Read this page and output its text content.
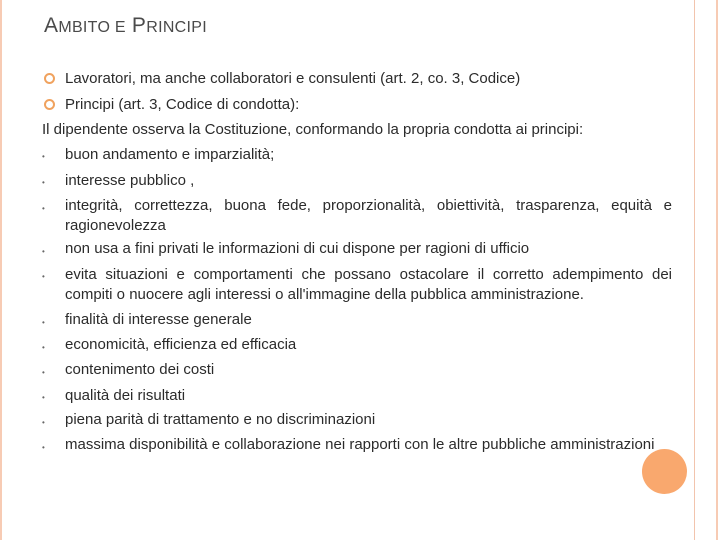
AMBITO E PRINCIPI
Lavoratori, ma anche collaboratori e consulenti (art. 2, co. 3, Codice)
Principi (art. 3, Codice di condotta):
Il dipendente osserva la Costituzione, conformando la propria condotta ai principi:
• buon andamento e imparzialità;
• interesse pubblico ,
• integrità, correttezza, buona fede, proporzionalità, obiettività, trasparenza, equità e ragionevolezza
• non usa a fini privati le informazioni di cui dispone per ragioni di ufficio
• evita situazioni e comportamenti che possano ostacolare il corretto adempimento dei compiti o nuocere agli interessi o all'immagine della pubblica amministrazione.
• finalità di interesse generale
• economicità, efficienza ed efficacia
• contenimento dei costi
• qualità dei risultati
• piena parità di trattamento e no discriminazioni
• massima disponibilità e collaborazione nei rapporti con le altre pubbliche amministrazioni
